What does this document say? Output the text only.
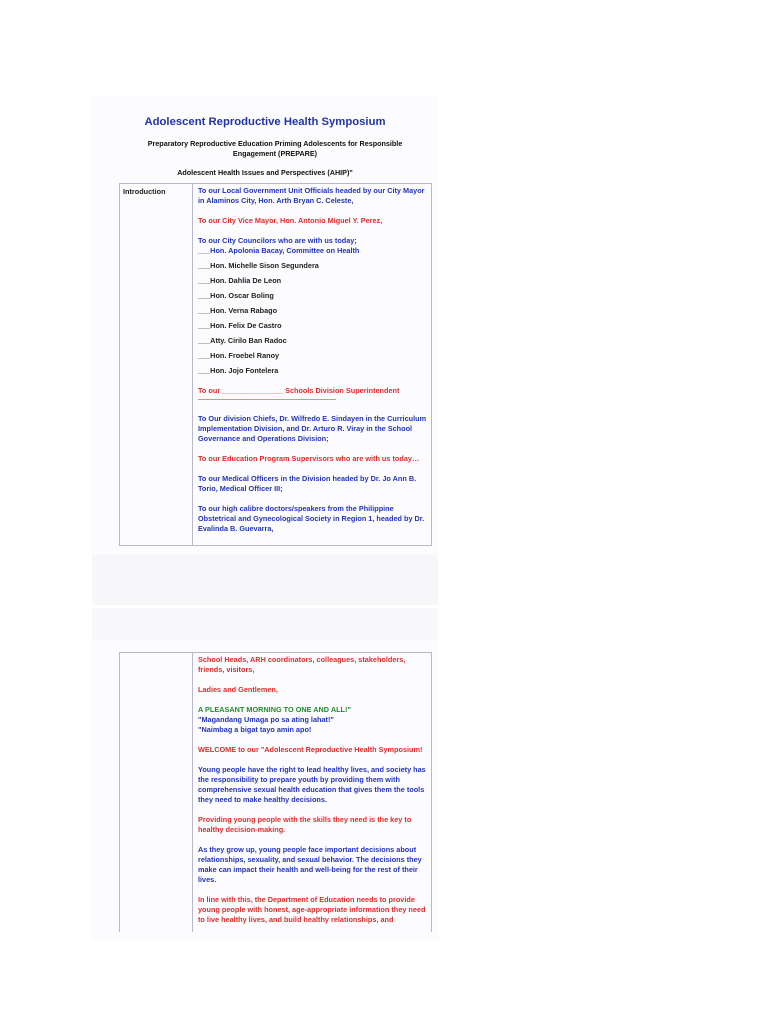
Adolescent Reproductive Health Symposium
Preparatory Reproductive Education Priming Adolescents for Responsible Engagement (PREPARE)
Adolescent Health Issues and Perspectives (AHIP)"
Introduction	To our Local Government Unit Officials headed by our City Mayor in Alaminos City, Hon. Arth Bryan C. Celeste,
To our City Vice Mayor, Hon. Antonio Miguel Y. Perez,
To our City Councilors who are with us today;
___Hon. Apolonia Bacay, Committee on Health
___Hon. Michelle Sison Segundera
___Hon. Dahlia De Leon
___Hon. Oscar Boling
___Hon. Verna Rabago
___Hon. Felix De Castro
___Atty. Cirilo Ban Radoc
___Hon. Froebel Ranoy
___Hon. Jojo Fontelera
To our _______________ Schools Division Superintendent
To Our division Chiefs, Dr. Wilfredo E. Sindayen in the Curriculum Implementation Division, and Dr. Arturo R. Viray in the School Governance and Operations Division;
To our Education Program Supervisors who are with us today…
To our Medical Officers in the Division headed by Dr. Jo Ann B. Torio, Medical Officer III;
To our high calibre doctors/speakers from the Philippine Obstetrical and Gynecological Society in Region 1, headed by Dr. Evalinda B. Guevarra,

School Heads, ARH coordinators, colleagues, stakeholders, friends, visitors,
Ladies and Gentlemen,
A PLEASANT MORNING TO ONE AND ALL!"
"Magandang Umaga po sa ating lahat!"
"Naimbag a bigat tayo amin apo!
WELCOME to our "Adolescent Reproductive Health Symposium!
Young people have the right to lead healthy lives, and society has the responsibility to prepare youth by providing them with comprehensive sexual health education that gives them the tools they need to make healthy decisions.
Providing young people with the skills they need is the key to healthy decision-making.
As they grow up, young people face important decisions about relationships, sexuality, and sexual behavior. The decisions they make can impact their health and well-being for the rest of their lives.
In line with this, the Department of Education needs to provide young people with honest, age-appropriate information they need to live healthy lives, and build healthy relationships, and
